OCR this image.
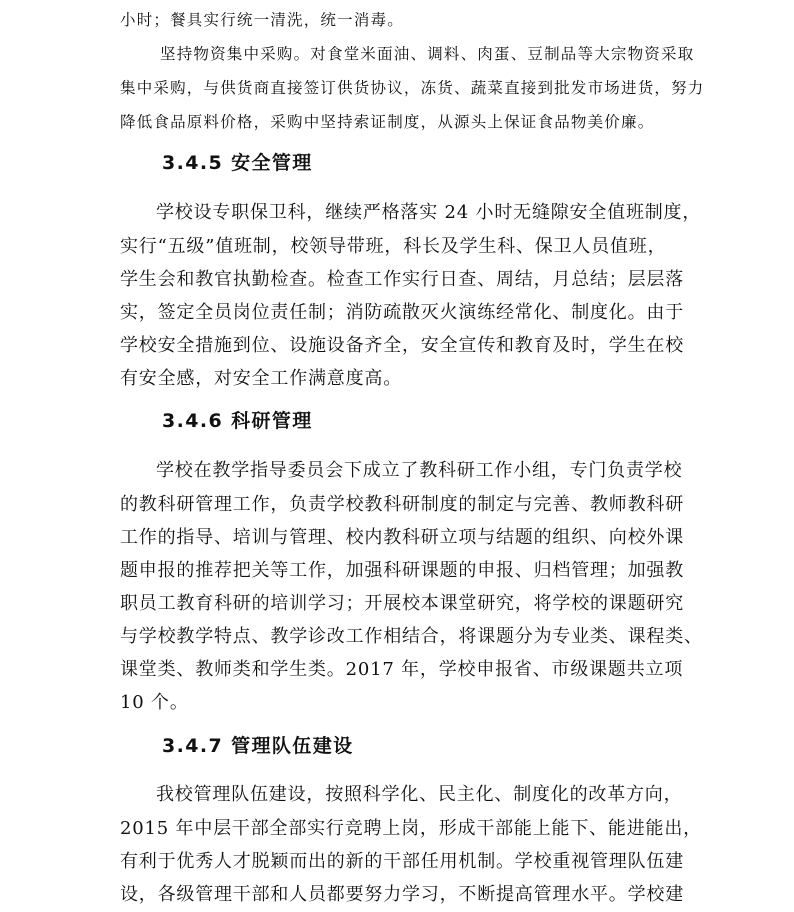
小时；餐具实行统一清洗，统一消毒。
坚持物资集中采购。对食堂米面油、调料、肉蛋、豆制品等大宗物资采取
集中采购，与供货商直接签订供货协议，冻货、蔬菜直接到批发市场进货，努力
降低食品原料价格，采购中坚持索证制度，从源头上保证食品物美价廉。
3.4.5 安全管理
学校设专职保卫科，继续严格落实 24 小时无缝隙安全值班制度，
实行“五级”值班制，校领导带班，科长及学生科、保卫人员值班，
学生会和教官执勤检查。检查工作实行日查、周结，月总结；层层落
实，签定全员岗位责任制；消防疏散灭火演练经常化、制度化。由于
学校安全措施到位、设施设备齐全，安全宣传和教育及时，学生在校
有安全感，对安全工作满意度高。
3.4.6 科研管理
学校在教学指导委员会下成立了教科研工作小组，专门负责学校
的教科研管理工作，负责学校教科研制度的制定与完善、教师教科研
工作的指导、培训与管理、校内教科研立项与结题的组织、向校外课
题申报的推荐把关等工作，加强科研课题的申报、归档管理；加强教
职员工教育科研的培训学习；开展校本课堂研究，将学校的课题研究
与学校教学特点、教学诊改工作相结合，将课题分为专业类、课程类、
课堂类、教师类和学生类。2017 年，学校申报省、市级课题共立项
10 个。
3.4.7 管理队伍建设
我校管理队伍建设，按照科学化、民主化、制度化的改革方向，
2015 年中层干部全部实行竞聘上岗，形成干部能上能下、能进能出，
有利于优秀人才脱颖而出的新的干部任用机制。学校重视管理队伍建
设，各级管理干部和人员都要努力学习，不断提高管理水平。学校建
